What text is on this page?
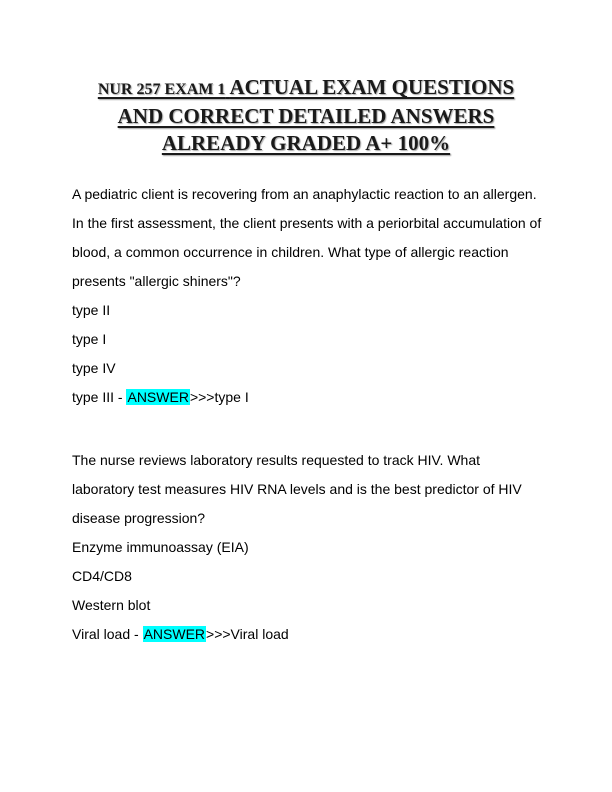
NUR 257 EXAM 1 ACTUAL EXAM QUESTIONS
AND CORRECT DETAILED ANSWERS
ALREADY GRADED A+ 100%

A pediatric client is recovering from an anaphylactic reaction to an allergen. In the first assessment, the client presents with a periorbital accumulation of blood, a common occurrence in children. What type of allergic reaction presents "allergic shiners"?

type II

type I

type IV

type III - ANSWER>>>type I

The nurse reviews laboratory results requested to track HIV. What laboratory test measures HIV RNA levels and is the best predictor of HIV disease progression?

Enzyme immunoassay (EIA)

CD4/CD8

Western blot

Viral load - ANSWER>>>Viral load
